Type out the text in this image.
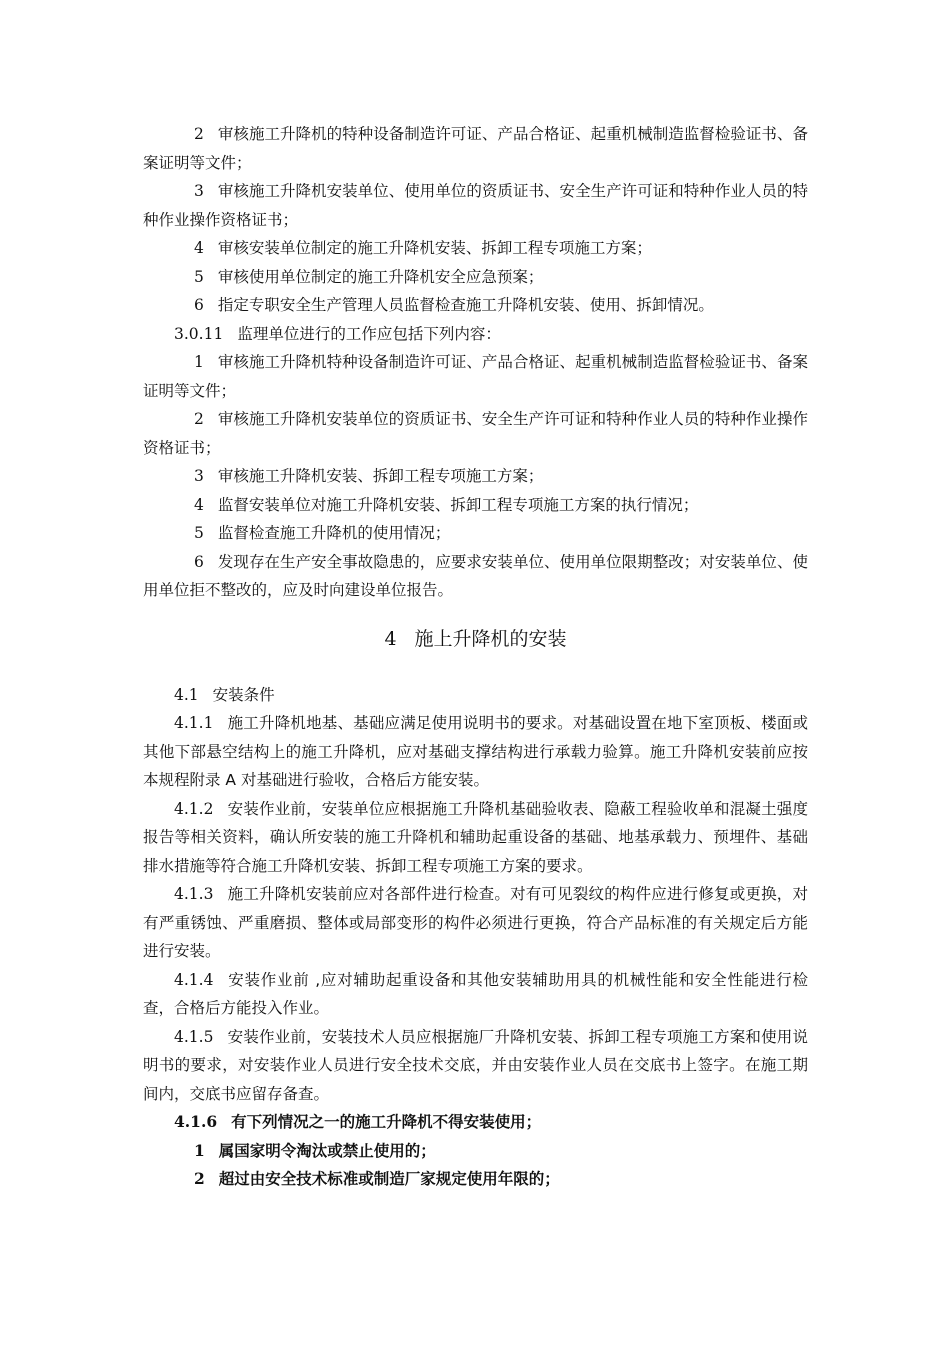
2 审核施工升降机的特种设备制造许可证、产品合格证、起重机械制造监督检验证书、备案证明等文件；

3 审核施工升降机安装单位、使用单位的资质证书、安全生产许可证和特种作业人员的特种作业操作资格证书；

4 审核安装单位制定的施工升降机安装、拆卸工程专项施工方案；

5 审核使用单位制定的施工升降机安全应急预案；

6 指定专职安全生产管理人员监督检查施工升降机安装、使用、拆卸情况。

3.0.11 监理单位进行的工作应包括下列内容：

1 审核施工升降机特种设备制造许可证、产品合格证、起重机械制造监督检验证书、备案证明等文件；

2 审核施工升降机安装单位的资质证书、安全生产许可证和特种作业人员的特种作业操作资格证书；

3 审核施工升降机安装、拆卸工程专项施工方案；

4 监督安装单位对施工升降机安装、拆卸工程专项施工方案的执行情况；

5 监督检查施工升降机的使用情况；

6 发现存在生产安全事故隐患的，应要求安装单位、使用单位限期整改；对安装单位、使用单位拒不整改的，应及时向建设单位报告。

4 施上升降机的安装

4.1 安装条件

4.1.1 施工升降机地基、基础应满足使用说明书的要求。对基础设置在地下室顶板、楼面或其他下部悬空结构上的施工升降机，应对基础支撑结构进行承载力验算。施工升降机安装前应按本规程附录 A 对基础进行验收，合格后方能安装。

4.1.2 安装作业前，安装单位应根据施工升降机基础验收表、隐蔽工程验收单和混凝土强度报告等相关资料，确认所安装的施工升降机和辅助起重设备的基础、地基承载力、预埋件、基础排水措施等符合施工升降机安装、拆卸工程专项施工方案的要求。

4.1.3 施工升降机安装前应对各部件进行检查。对有可见裂纹的构件应进行修复或更换，对有严重锈蚀、严重磨损、整体或局部变形的构件必须进行更换，符合产品标准的有关规定后方能进行安装。

4.1.4 安装作业前 ,应对辅助起重设备和其他安装辅助用具的机械性能和安全性能进行检查，合格后方能投入作业。

4.1.5 安装作业前，安装技术人员应根据施厂升降机安装、拆卸工程专项施工方案和使用说明书的要求，对安装作业人员进行安全技术交底，并由安装作业人员在交底书上签字。在施工期间内，交底书应留存备查。

4.1.6 有下列情况之一的施工升降机不得安装使用；

1 属国家明令淘汰或禁止使用的；

2 超过由安全技术标准或制造厂家规定使用年限的；
